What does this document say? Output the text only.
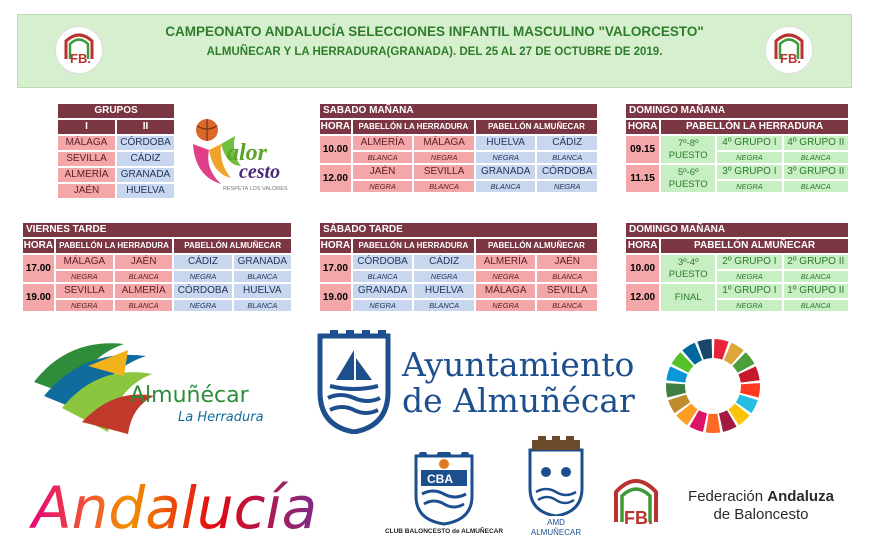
CAMPEONATO ANDALUCÍA SELECCIONES INFANTIL MASCULINO "VALORCESTO"
ALMUÑECAR Y LA HERRADURA(GRANADA). DEL 25 AL 27 DE OCTUBRE DE 2019.
FB.	FB.
GRUPOS	
I	II
MÁLAGA	CÓRDOBA
SEVILLA	CÁDIZ
ALMERÍA	GRANADA
JAÉN	HUELVA
alor
cesto
RESPETA LOS VALORES
SABADO MAÑANA				
HORA	PABELLÓN LA HERRADURA		PABELLÓN ALMUÑECAR	
10.00	ALMERÍA	MÁLAGA	HUELVA	CÁDIZ
	BLANCA	NEGRA	NEGRA	BLANCA
12.00	JAÉN	SEVILLA	GRANADA	CÓRDOBA
	NEGRA	BLANCA	BLANCA	NEGRA
DOMINGO MAÑANA			
HORA	PABELLÓN LA HERRADURA		
09.15	7º-8º
PUESTO	4º GRUPO I	4º GRUPO II
		NEGRA	BLANCA
11.15	5º-6º
PUESTO	3º GRUPO I	3º GRUPO II
		NEGRA	BLANCA
VIERNES TARDE				
HORA	PABELLÓN LA HERRADURA		PABELLÓN ALMUÑECAR	
17.00	MÁLAGA	JAÉN	CÁDIZ	GRANADA
	NEGRA	BLANCA	NEGRA	BLANCA
19.00	SEVILLA	ALMERÍA	CÓRDOBA	HUELVA
	NEGRA	BLANCA	NEGRA	BLANCA
SÁBADO TARDE				
HORA	PABELLÓN LA HERRADURA		PABELLÓN ALMUÑECAR	
17.00	CÓRDOBA	CÁDIZ	ALMERÍA	JAÉN
	BLANCA	NEGRA	NEGRA	BLANCA
19.00	GRANADA	HUELVA	MÁLAGA	SEVILLA
	NEGRA	BLANCA	NEGRA	BLANCA
DOMINGO MAÑANA			
HORA	PABELLÓN ALMUÑECAR		
10.00	3º-4º
PUESTO	2º GRUPO I	2º GRUPO II
		NEGRA	BLANCA
12.00	FINAL	1º GRUPO I	1º GRUPO II
		NEGRA	BLANCA
Almuñécar
La Herradura
Ayuntamiento
de Almuñécar
Andalucía	CBA
CLUB BALONCESTO de ALMUÑECAR
AMD
ALMUÑECAR
FB.
Federación Andaluza
de Baloncesto
